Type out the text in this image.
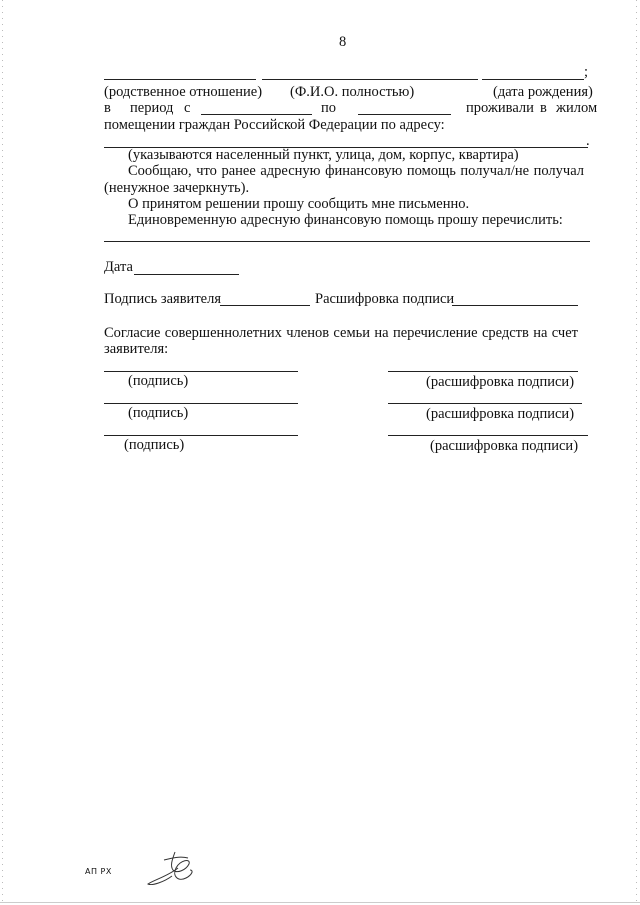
8
;
(родственное отношение) (Ф.И.О. полностью)	(дата рождения)
в период с	по	проживали в жилом
помещении граждан Российской Федерации по адресу:
.
(указываются населенный пункт, улица, дом, корпус, квартира)
Сообщаю, что ранее адресную финансовую помощь получал/не получал
(ненужное зачеркнуть).
О принятом решении прошу сообщить мне письменно.
Единовременную адресную финансовую помощь прошу перечислить:
Дата
Подпись заявителя	Расшифровка подписи
Согласие совершеннолетних членов семьи на перечисление средств на счет
заявителя:
(подпись)	(расшифровка подписи)
(подпись)	(расшифровка подписи)
(подпись)	(расшифровка подписи)
АП РХ
